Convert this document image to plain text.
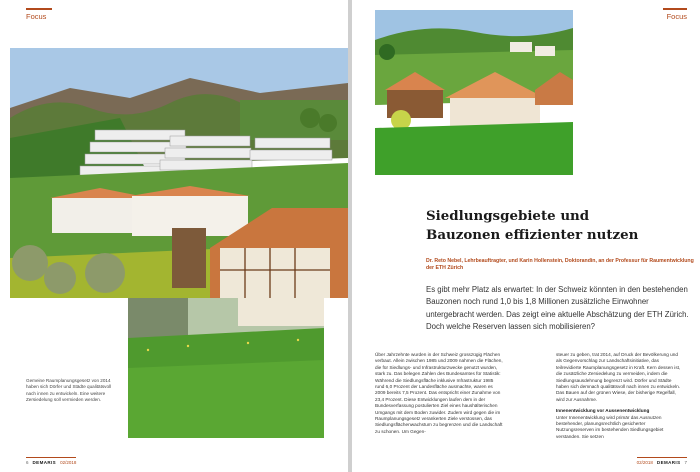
Focus
Gemeine Raumplanungsgesetz von 2014 haben sich Dörfer und Städte qualitätsvoll nach innen zu entwickeln. Eine weitere Zersiedelung soll vermieden werden.
6 DEMARIS 02/2018
Focus
Siedlungsgebiete und
Bauzonen effizienter nutzen
Dr. Reto Nebel, Lehrbeauftragter, und Karin Hollenstein, Doktorandin, an der Professur für Raumentwicklung der ETH Zürich
Es gibt mehr Platz als erwartet: In der Schweiz könnten in den bestehenden Bauzonen noch rund 1,0 bis 1,8 Millionen zusätzliche Einwohner untergebracht werden. Das zeigt eine aktuelle Abschätzung der ETH Zürich. Doch welche Reserven lassen sich mobilisieren?
Über Jahrzehnte wurden in der Schweiz grosszügig Flächen verbaut. Allein zwischen 1985 und 2009 nahmen die Flächen, die für Siedlungs- und Infrastrukturzwecke genutzt wurden, stark zu. Das belegen Zahlen des Bundesamtes für Statistik: Während die Siedlungsfläche inklusive Infrastruktur 1985 rund 6,0 Prozent der Landesfläche ausmachte, waren es 2009 bereits 7,5 Prozent. Das entspricht einer Zunahme von 23,4 Prozent. Diese Entwicklungen laufen dem in der Bundesverfassung postulierten Ziel eines haushälterischen Umgangs mit dem Boden zuwider. Zudem wird gegen die im Raumplanungsgesetz verankerten Ziele verstossen, das Siedlungsflächenwachstum zu begrenzen und die Landschaft zu schonen. Um Gegen-
steuer zu geben, trat 2014, auf Druck der Bevölkerung und als Gegenvorschlag zur Landschaftsinitiative, das teilrevidierte Raumplanungsgesetz in Kraft. Kern dessen ist, die zusätzliche Zersiedelung zu vermeiden, indem die Siedlungsausdehnung begrenzt wird. Dörfer und Städte haben sich demnach qualitätsvoll nach innen zu entwickeln. Das Bauen auf der grünen Wiese, der bisherige Regelfall, wird zur Ausnahme.
Innenentwicklung vor Aussenentwicklung
Unter Innenentwicklung wird primär das Ausnutzen bestehender, planungsrechtlich gesicherter Nutzungsreserven im bestehenden Siedlungsgebiet verstanden. Sie setzen
02/2018 DEMARIS 7
